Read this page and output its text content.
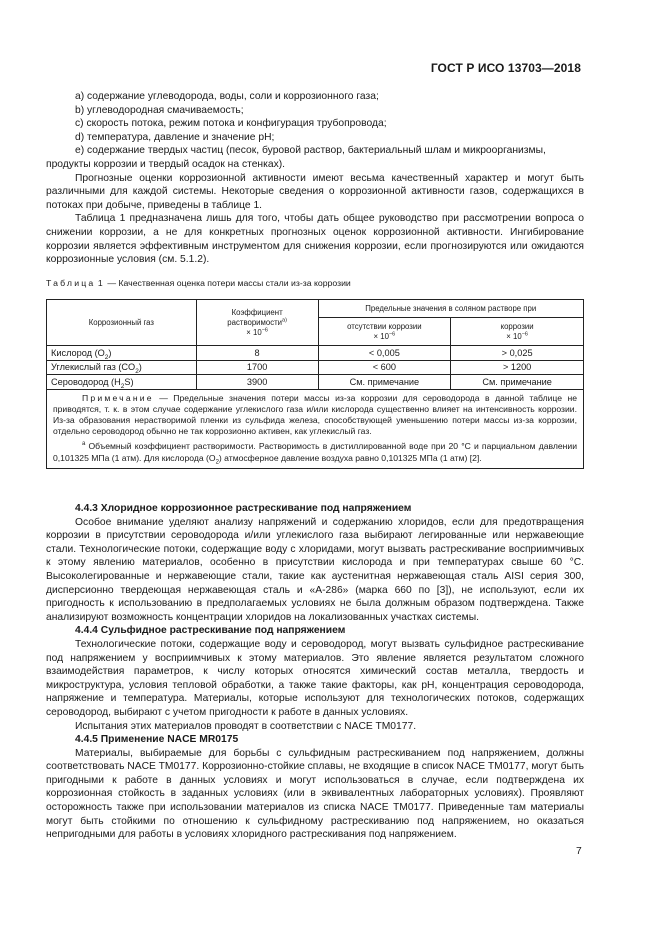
ГОСТ Р ИСО 13703—2018

а) содержание углеводорода, воды, соли и коррозионного газа;

b) углеводородная смачиваемость;

c) скорость потока, режим потока и конфигурация трубопровода;

d) температура, давление и значение рН;

e) содержание твердых частиц (песок, буровой раствор, бактериальный шлам и микроорганизмы,

продукты коррозии и твердый осадок на стенках).

Прогнозные оценки коррозионной активности имеют весьма качественный характер и могут быть различными для каждой системы. Некоторые сведения о коррозионной активности газов, содержащихся в потоках при добыче, приведены в таблице 1.

Таблица 1 предназначена лишь для того, чтобы дать общее руководство при рассмотрении вопроса о снижении коррозии, а не для конкретных прогнозных оценок коррозионной активности. Ингибирование коррозии является эффективным инструментом для снижения коррозии, если прогнозируются или ожидаются коррозионные условия (см. 5.1.2).

Таблица 1 — Качественная оценка потери массы стали из-за коррозии

Коррозионный газ	Коэффициент
растворимости$^{а)}$
× $10^{-6}$	Предельные значения в соляном растворе при	
		отсутствии коррозии
× $10^{-6}$	коррозии
× $10^{-6}$
Кислород $(O_2)$	8	< 0,005	> 0,025
Углекислый газ $(CO_2)$	1700	< 600	> 1200
Сероводород $(H_2S)$	3900	См. примечание	См. примечание

Примечание — Предельные значения потери массы из-за коррозии для сероводорода в данной таблице не приводятся, т. к. в этом случае содержание углекислого газа и/или кислорода существенно влияет на интенсивность коррозии. Из-за образования нерастворимой пленки из сульфида железа, способствующей уменьшению потери массы из-за коррозии, отдельно сероводород обычно не так коррозионно активен, как углекислый газ.

$^а$ Объемный коэффициент растворимости. Растворимость в дистиллированной воде при 20 °С и парциальном давлении 0,101325 МПа (1 атм). Для кислорода $(O_2)$ атмосферное давление воздуха равно 0,101325 МПа (1 атм) [2].			

4.4.3 Хлоридное коррозионное растрескивание под напряжением

Особое внимание уделяют анализу напряжений и содержанию хлоридов, если для предотвращения коррозии в присутствии сероводорода и/или углекислого газа выбирают легированные или нержавеющие стали. Технологические потоки, содержащие воду с хлоридами, могут вызвать растрескивание восприимчивых к этому явлению материалов, особенно в присутствии кислорода и при температурах свыше 60 °С. Высоколегированные и нержавеющие стали, такие как аустенитная нержавеющая сталь AISI серия 300, дисперсионно твердеющая нержавеющая сталь и «А-286» (марка 660 по [3]), не используют, если их пригодность к использованию в предполагаемых условиях не была должным образом подтверждена. Также анализируют возможность концентрации хлоридов на локализованных участках системы.

4.4.4 Сульфидное растрескивание под напряжением

Технологические потоки, содержащие воду и сероводород, могут вызвать сульфидное растрескивание под напряжением у восприимчивых к этому материалов. Это явление является результатом сложного взаимодействия параметров, к числу которых относятся химический состав металла, твердость и микроструктура, условия тепловой обработки, а также такие факторы, как рН, концентрация сероводорода, напряжение и температура. Материалы, которые используют для технологических потоков, содержащих сероводород, выбирают с учетом пригодности к работе в данных условиях.

Испытания этих материалов проводят в соответствии с NACE TM0177.

4.4.5 Применение NACE MR0175

Материалы, выбираемые для борьбы с сульфидным растрескиванием под напряжением, должны соответствовать NACE TM0177. Коррозионно-стойкие сплавы, не входящие в список NACE TM0177, могут быть пригодными к работе в данных условиях и могут использоваться в случае, если подтверждена их коррозионная стойкость в заданных условиях (или в эквивалентных лабораторных условиях). Проявляют осторожность также при использовании материалов из списка NACE TM0177. Приведенные там материалы могут быть стойкими по отношению к сульфидному растрескиванию под напряжением, но оказаться непригодными для работы в условиях хлоридного растрескивания под напряжением.

7
